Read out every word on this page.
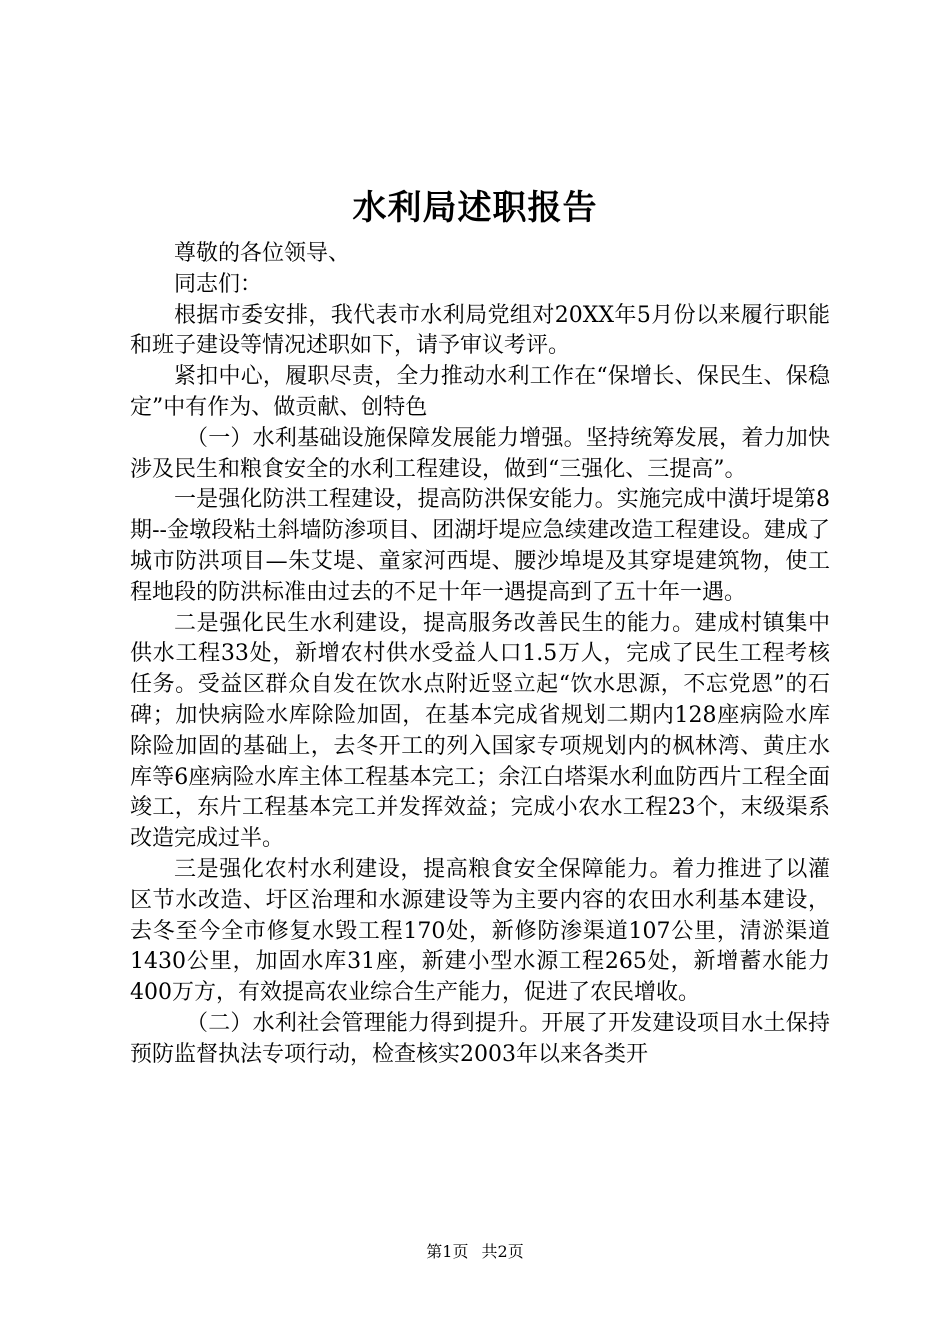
水利局述职报告

尊敬的各位领导、

同志们：

根据市委安排，我代表市水利局党组对20XX年5月份以来履行职能和班子建设等情况述职如下，请予审议考评。

紧扣中心，履职尽责，全力推动水利工作在“保增长、保民生、保稳定”中有作为、做贡献、创特色

（一）水利基础设施保障发展能力增强。坚持统筹发展，着力加快涉及民生和粮食安全的水利工程建设，做到“三强化、三提高”。

一是强化防洪工程建设，提高防洪保安能力。实施完成中潢圩堤第8期--金墩段粘土斜墙防渗项目、团湖圩堤应急续建改造工程建设。建成了城市防洪项目—朱艾堤、童家河西堤、腰沙埠堤及其穿堤建筑物，使工程地段的防洪标准由过去的不足十年一遇提高到了五十年一遇。

二是强化民生水利建设，提高服务改善民生的能力。建成村镇集中供水工程33处，新增农村供水受益人口1.5万人，完成了民生工程考核任务。受益区群众自发在饮水点附近竖立起“饮水思源，不忘党恩”的石碑；加快病险水库除险加固，在基本完成省规划二期内128座病险水库除险加固的基础上，去冬开工的列入国家专项规划内的枫林湾、黄庄水库等6座病险水库主体工程基本完工；余江白塔渠水利血防西片工程全面竣工，东片工程基本完工并发挥效益；完成小农水工程23个，末级渠系改造完成过半。

三是强化农村水利建设，提高粮食安全保障能力。着力推进了以灌区节水改造、圩区治理和水源建设等为主要内容的农田水利基本建设，去冬至今全市修复水毁工程170处，新修防渗渠道107公里，清淤渠道1430公里，加固水库31座，新建小型水源工程265处，新增蓄水能力400万方，有效提高农业综合生产能力，促进了农民增收。

（二）水利社会管理能力得到提升。开展了开发建设项目水土保持预防监督执法专项行动，检查核实2003年以来各类开

第1页 共2页
